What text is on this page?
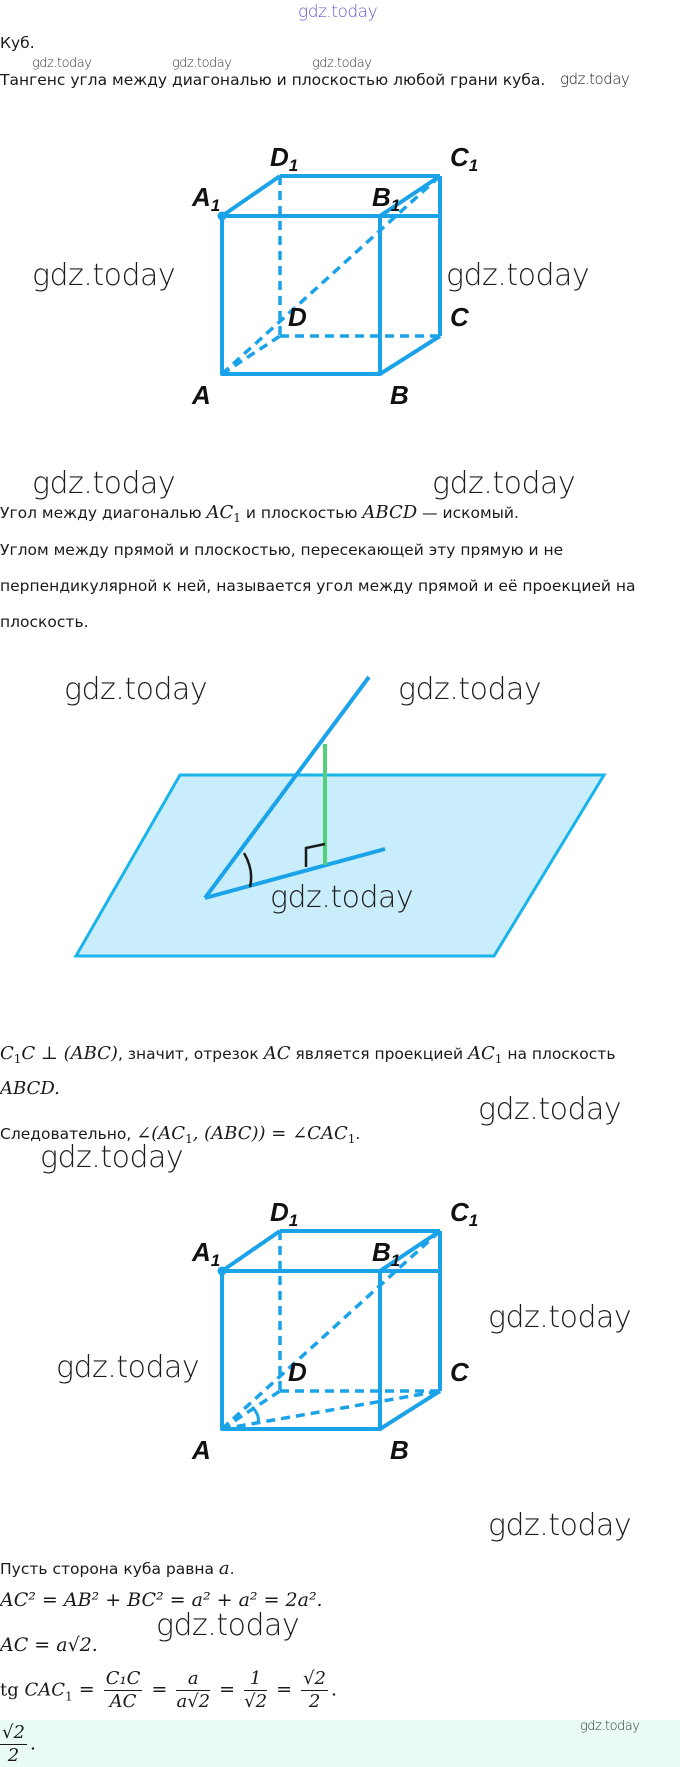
gdz.today
gdz.today	gdz.today	gdz.today
gdz.today
Куб.
Тангенс угла между диагональю и плоскостью любой грани куба.
D1	C1
A1	B1
D	C
A	B
gdz.today	gdz.today
gdz.today	gdz.today
Угол между диагональю $AC_1$ и плоскостью ABCD — искомый.
Углом между прямой и плоскостью, пересекающей эту прямую и не
перпендикулярной к ней, называется угол между прямой и её проекцией на
плоскость.
gdz.today	gdz.today
gdz.today
$C_1C$ ⊥ (ABC), значит, отрезок AC является проекцией $AC_1$ на плоскость
ABCD.
Следовательно, $\angle(AC_1$, $(ABC)) = \angle CAC_1$.
gdz.today
gdz.today
D1	C1
A1	B1
D	C
A	B
gdz.today
gdz.today
gdz.today
Пусть сторона куба равна a.
AC² = AB² + BC² = a² + a² = 2a².
gdz.today
AC = a√2.
tg $CAC_1 = \frac{\text{C₁C}}{AC} = \frac{a}{a√2} = \frac{1}{√2} = \frac{√2}{2}$ .
gdz.today
$\frac{√2}{2}$ .
